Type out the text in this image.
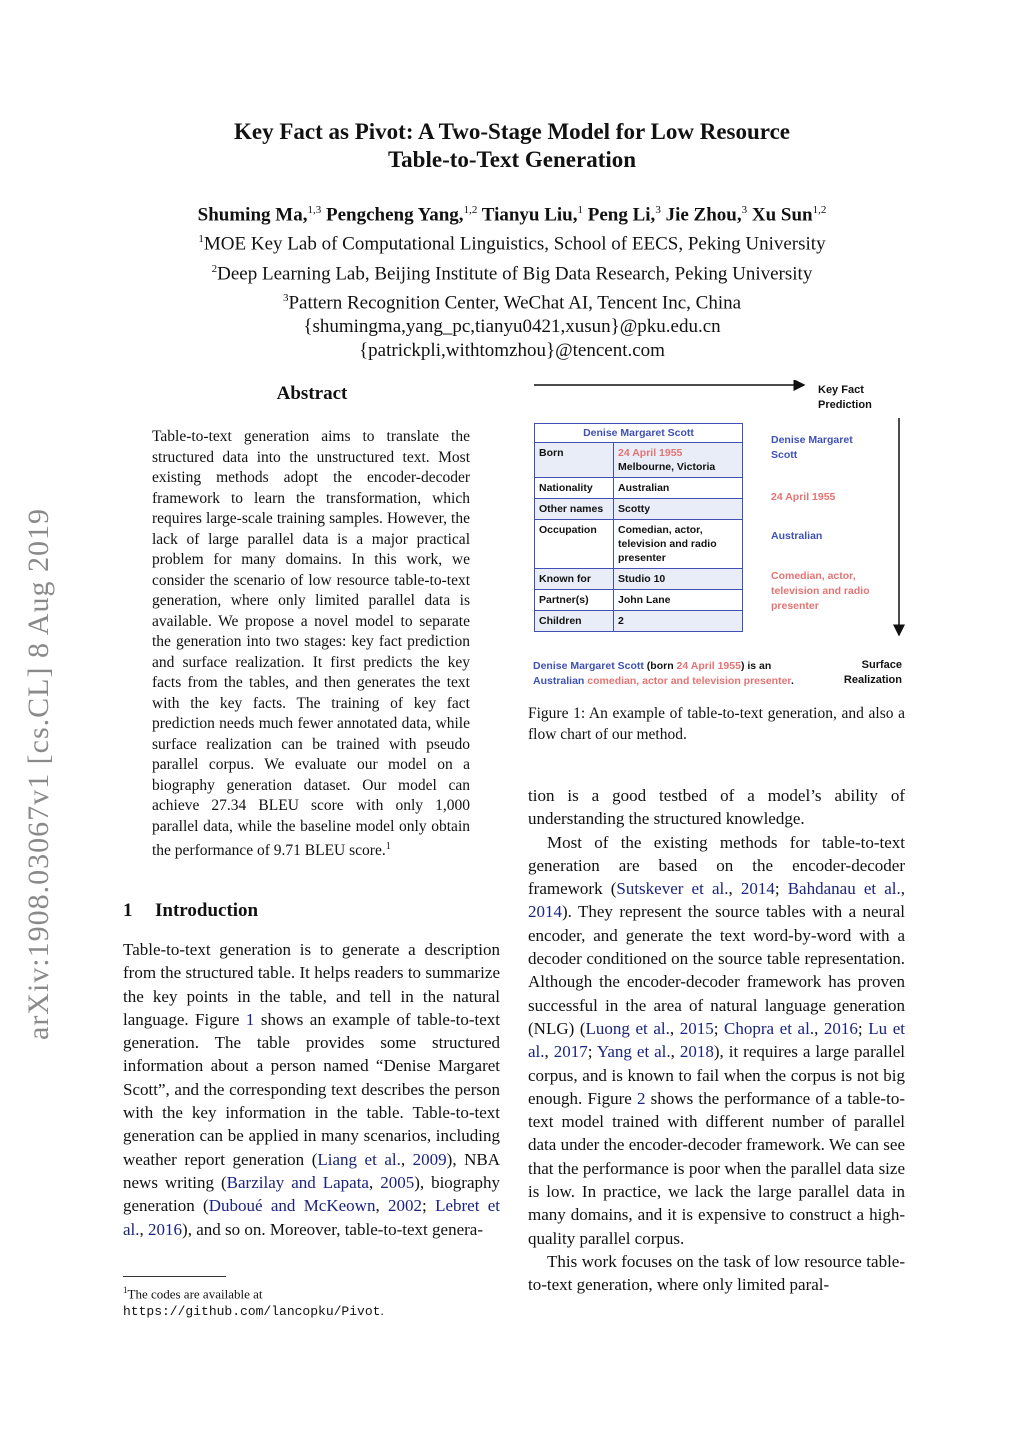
arXiv:1908.03067v1 [cs.CL] 8 Aug 2019
Key Fact as Pivot: A Two-Stage Model for Low Resource
Table-to-Text Generation
Shuming Ma,$^{1,3}$ Pengcheng Yang,$^{1,2}$ Tianyu Liu,$^1$ Peng Li,$^3$ Jie Zhou,$^3$ Xu Sun$^{1,2}$
$^1$MOE Key Lab of Computational Linguistics, School of EECS, Peking University
$^2$Deep Learning Lab, Beijing Institute of Big Data Research, Peking University
$^3$Pattern Recognition Center, WeChat AI, Tencent Inc, China
{shumingma,yang_pc,tianyu0421,xusun}@pku.edu.cn
{patrickpli,withtomzhou}@tencent.com
Abstract
Table-to-text generation aims to translate the structured data into the unstructured text. Most existing methods adopt the encoder-decoder framework to learn the transformation, which requires large-scale training samples. However, the lack of large parallel data is a major practical problem for many domains. In this work, we consider the scenario of low resource table-to-text generation, where only limited parallel data is available. We propose a novel model to separate the generation into two stages: key fact prediction and surface realization. It first predicts the key facts from the tables, and then generates the text with the key facts. The training of key fact prediction needs much fewer annotated data, while surface realization can be trained with pseudo parallel corpus. We evaluate our model on a biography generation dataset. Our model can achieve 27.34 BLEU score with only 1,000 parallel data, while the baseline model only obtain the performance of 9.71 BLEU score.$^1$
1 Introduction
Table-to-text generation is to generate a description from the structured table. It helps readers to summarize the key points in the table, and tell in the natural language. Figure 1 shows an example of table-to-text generation. The table provides some structured information about a person named “Denise Margaret Scott”, and the corresponding text describes the person with the key information in the table. Table-to-text generation can be applied in many scenarios, including weather report generation (Liang et al., 2009), NBA news writing (Barzilay and Lapata, 2005), biography generation (Duboué and McKeown, 2002; Lebret et al., 2016), and so on. Moreover, table-to-text genera-
$^1$The codes are available at https://github.com/lancopku/Pivot.
Key Fact
Prediction
Denise Margaret Scott	
Born	24 April 1955
Melbourne, Victoria

Nationality	Australian
Other names	Scotty
Occupation	Comedian, actor, television and radio presenter
Known for	Studio 10
Partner(s)	John Lane
Children	2
Denise Margaret Scott
24 April 1955
Australian
Comedian, actor, television and radio presenter
Denise Margaret Scott (born 24 April 1955) is an Australian comedian, actor and television presenter.
Surface
Realization
Figure 1: An example of table-to-text generation, and also a flow chart of our method.

tion is a good testbed of a model’s ability of understanding the structured knowledge.

Most of the existing methods for table-to-text generation are based on the encoder-decoder framework (Sutskever et al., 2014; Bahdanau et al., 2014). They represent the source tables with a neural encoder, and generate the text word-by-word with a decoder conditioned on the source table representation. Although the encoder-decoder framework has proven successful in the area of natural language generation (NLG) (Luong et al., 2015; Chopra et al., 2016; Lu et al., 2017; Yang et al., 2018), it requires a large parallel corpus, and is known to fail when the corpus is not big enough. Figure 2 shows the performance of a table-to-text model trained with different number of parallel data under the encoder-decoder framework. We can see that the performance is poor when the parallel data size is low. In practice, we lack the large parallel data in many domains, and it is expensive to construct a high-quality parallel corpus.

This work focuses on the task of low resource table-to-text generation, where only limited paral-
